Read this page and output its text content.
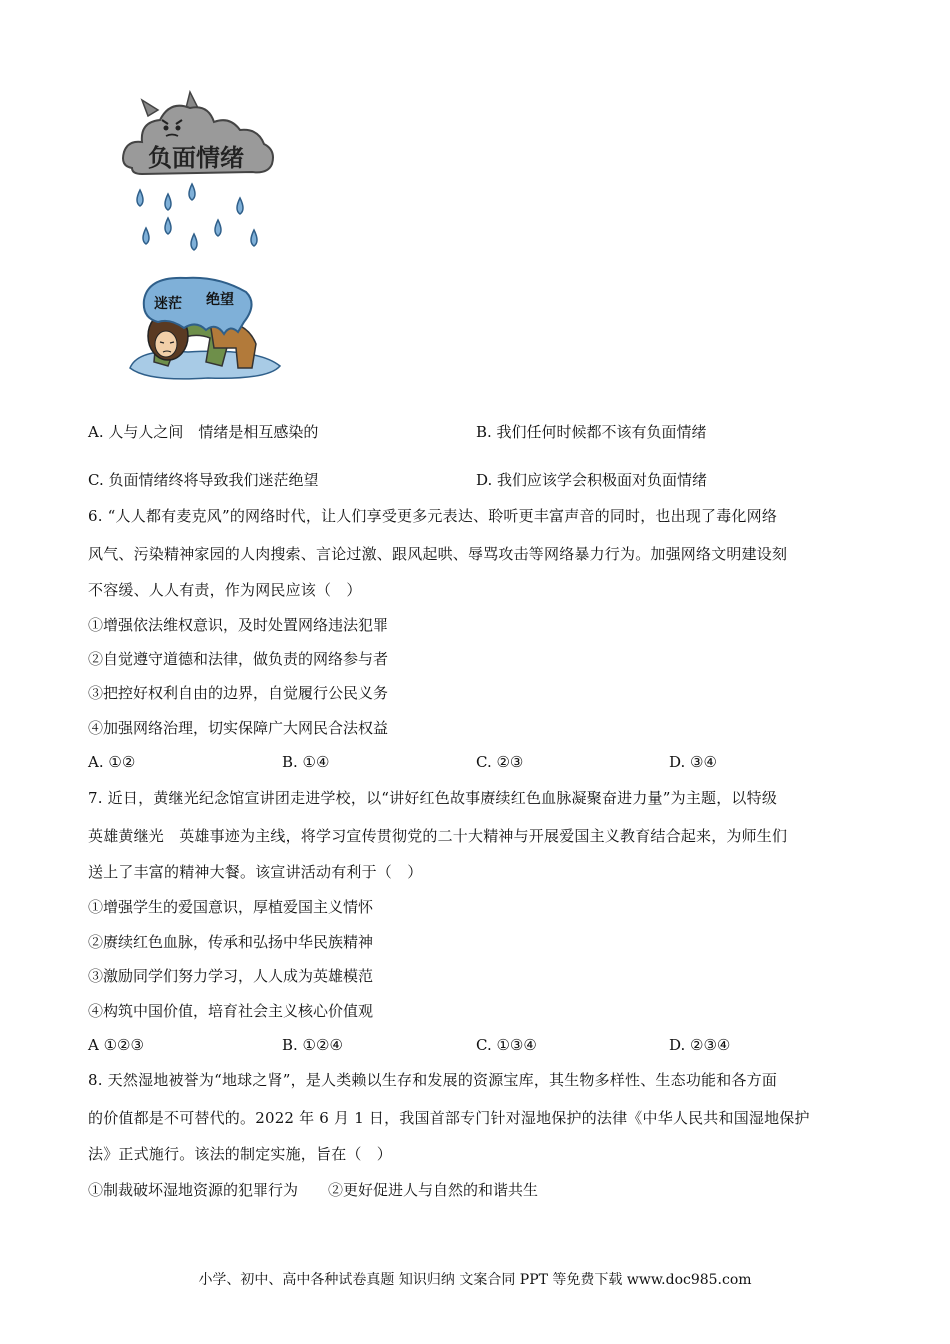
负面情绪
迷茫 绝望
A. 人与人之间　情绪是相互感染的	B. 我们任何时候都不该有负面情绪
C. 负面情绪终将导致我们迷茫绝望	D. 我们应该学会积极面对负面情绪
6. “人人都有麦克风”的网络时代，让人们享受更多元表达、聆听更丰富声音的同时，也出现了毒化网络
风气、污染精神家园的人肉搜索、言论过激、跟风起哄、辱骂攻击等网络暴力行为。加强网络文明建设刻
不容缓、人人有责，作为网民应该（　）
①增强依法维权意识，及时处置网络违法犯罪
②自觉遵守道德和法律，做负责的网络参与者
③把控好权利自由的边界，自觉履行公民义务
④加强网络治理，切实保障广大网民合法权益
A. ①②	B. ①④	C. ②③	D. ③④
7. 近日，黄继光纪念馆宣讲团走进学校，以“讲好红色故事赓续红色血脉凝聚奋进力量”为主题，以特级
英雄黄继光　英雄事迹为主线，将学习宣传贯彻党的二十大精神与开展爱国主义教育结合起来，为师生们
送上了丰富的精神大餐。该宣讲活动有利于（　）
①增强学生的爱国意识，厚植爱国主义情怀
②赓续红色血脉，传承和弘扬中华民族精神
③激励同学们努力学习，人人成为英雄模范
④构筑中国价值，培育社会主义核心价值观
A ①②③	B. ①②④	C. ①③④	D. ②③④
8. 天然湿地被誉为“地球之肾”，是人类赖以生存和发展的资源宝库，其生物多样性、生态功能和各方面
的价值都是不可替代的。2022 年 6 月 1 日，我国首部专门针对湿地保护的法律《中华人民共和国湿地保护
法》正式施行。该法的制定实施，旨在（　）
①制裁破坏湿地资源的犯罪行为　　②更好促进人与自然的和谐共生
小学、初中、高中各种试卷真题 知识归纳 文案合同 PPT 等免费下载 www.doc985.com
